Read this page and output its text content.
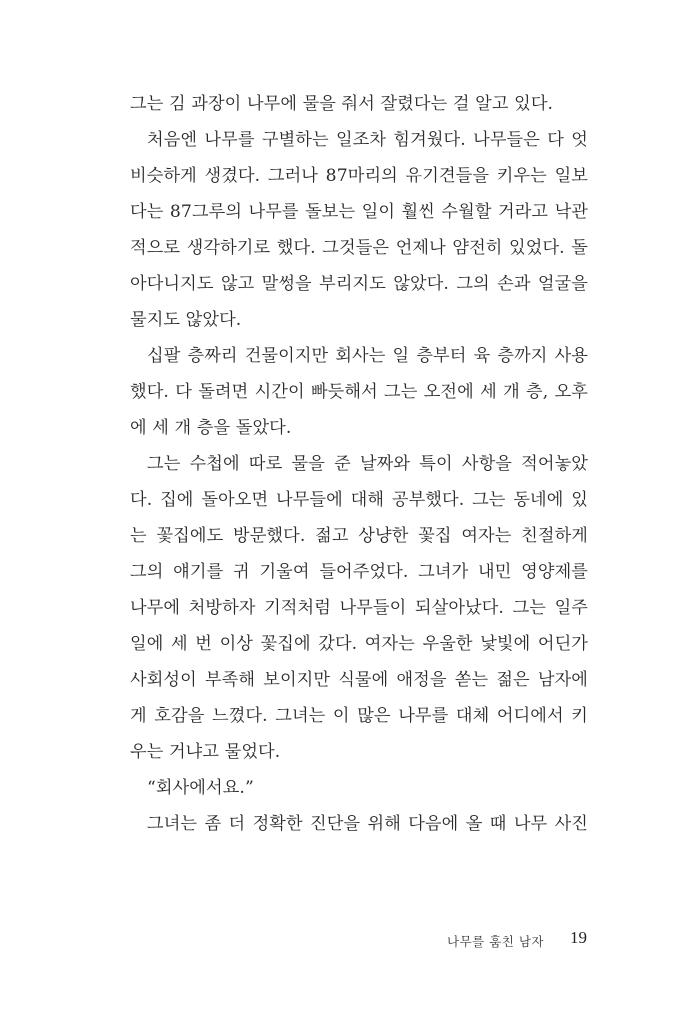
그는 김 과장이 나무에 물을 줘서 잘렸다는 걸 알고 있다.
처음엔 나무를 구별하는 일조차 힘겨웠다. 나무들은 다 엇
비슷하게 생겼다. 그러나 87마리의 유기견들을 키우는 일보
다는 87그루의 나무를 돌보는 일이 훨씬 수월할 거라고 낙관
적으로 생각하기로 했다. 그것들은 언제나 얌전히 있었다. 돌
아다니지도 않고 말썽을 부리지도 않았다. 그의 손과 얼굴을
물지도 않았다.
십팔 층짜리 건물이지만 회사는 일 층부터 육 층까지 사용
했다. 다 돌려면 시간이 빠듯해서 그는 오전에 세 개 층, 오후
에 세 개 층을 돌았다.
그는 수첩에 따로 물을 준 날짜와 특이 사항을 적어놓았
다. 집에 돌아오면 나무들에 대해 공부했다. 그는 동네에 있
는 꽃집에도 방문했다. 젊고 상냥한 꽃집 여자는 친절하게
그의 얘기를 귀 기울여 들어주었다. 그녀가 내민 영양제를
나무에 처방하자 기적처럼 나무들이 되살아났다. 그는 일주
일에 세 번 이상 꽃집에 갔다. 여자는 우울한 낯빛에 어딘가
사회성이 부족해 보이지만 식물에 애정을 쏟는 젊은 남자에
게 호감을 느꼈다. 그녀는 이 많은 나무를 대체 어디에서 키
우는 거냐고 물었다.
“회사에서요.”
그녀는 좀 더 정확한 진단을 위해 다음에 올 때 나무 사진
나무를 훔친 남자 19
